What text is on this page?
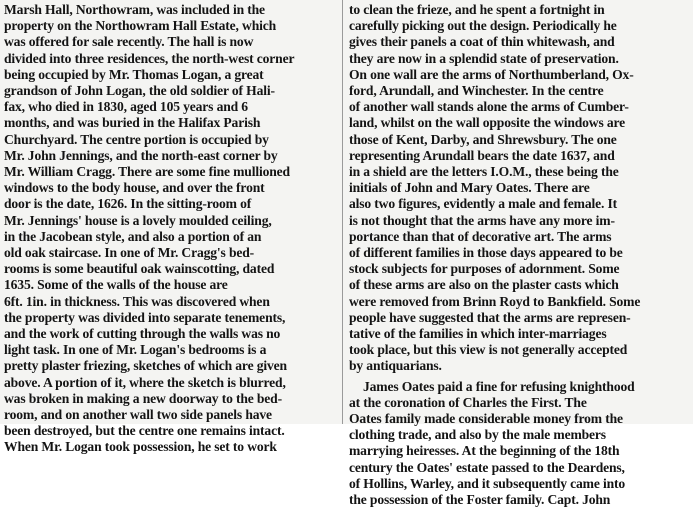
Marsh Hall, Northowram, was included in the
property on the Northowram Hall Estate, which
was offered for sale recently. The hall is now
divided into three residences, the north-west corner
being occupied by Mr. Thomas Logan, a great
grandson of John Logan, the old soldier of Hali-
fax, who died in 1830, aged 105 years and 6
months, and was buried in the Halifax Parish
Churchyard. The centre portion is occupied by
Mr. John Jennings, and the north-east corner by
Mr. William Cragg. There are some fine mullioned
windows to the body house, and over the front
door is the date, 1626. In the sitting-room of
Mr. Jennings' house is a lovely moulded ceiling,
in the Jacobean style, and also a portion of an
old oak staircase. In one of Mr. Cragg's bed-
rooms is some beautiful oak wainscotting, dated
1635. Some of the walls of the house are
6ft. 1in. in thickness. This was discovered when
the property was divided into separate tenements,
and the work of cutting through the walls was no
light task. In one of Mr. Logan's bedrooms is a
pretty plaster friezing, sketches of which are given
above. A portion of it, where the sketch is blurred,
was broken in making a new doorway to the bed-
room, and on another wall two side panels have
been destroyed, but the centre one remains intact.
When Mr. Logan took possession, he set to work
to clean the frieze, and he spent a fortnight in
carefully picking out the design. Periodically he
gives their panels a coat of thin whitewash, and
they are now in a splendid state of preservation.
On one wall are the arms of Northumberland, Ox-
ford, Arundall, and Winchester. In the centre
of another wall stands alone the arms of Cumber-
land, whilst on the wall opposite the windows are
those of Kent, Darby, and Shrewsbury. The one
representing Arundall bears the date 1637, and
in a shield are the letters I.O.M., these being the
initials of John and Mary Oates. There are
also two figures, evidently a male and female. It
is not thought that the arms have any more im-
portance than that of decorative art. The arms
of different families in those days appeared to be
stock subjects for purposes of adornment. Some
of these arms are also on the plaster casts which
were removed from Brinn Royd to Bankfield. Some
people have suggested that the arms are represen-
tative of the families in which inter-marriages
took place, but this view is not generally accepted
by antiquarians.
James Oates paid a fine for refusing knighthood
at the coronation of Charles the First. The
Oates family made considerable money from the
clothing trade, and also by the male members
marrying heiresses. At the beginning of the 18th
century the Oates' estate passed to the Deardens,
of Hollins, Warley, and it subsequently came into
the possession of the Foster family. Capt. John
